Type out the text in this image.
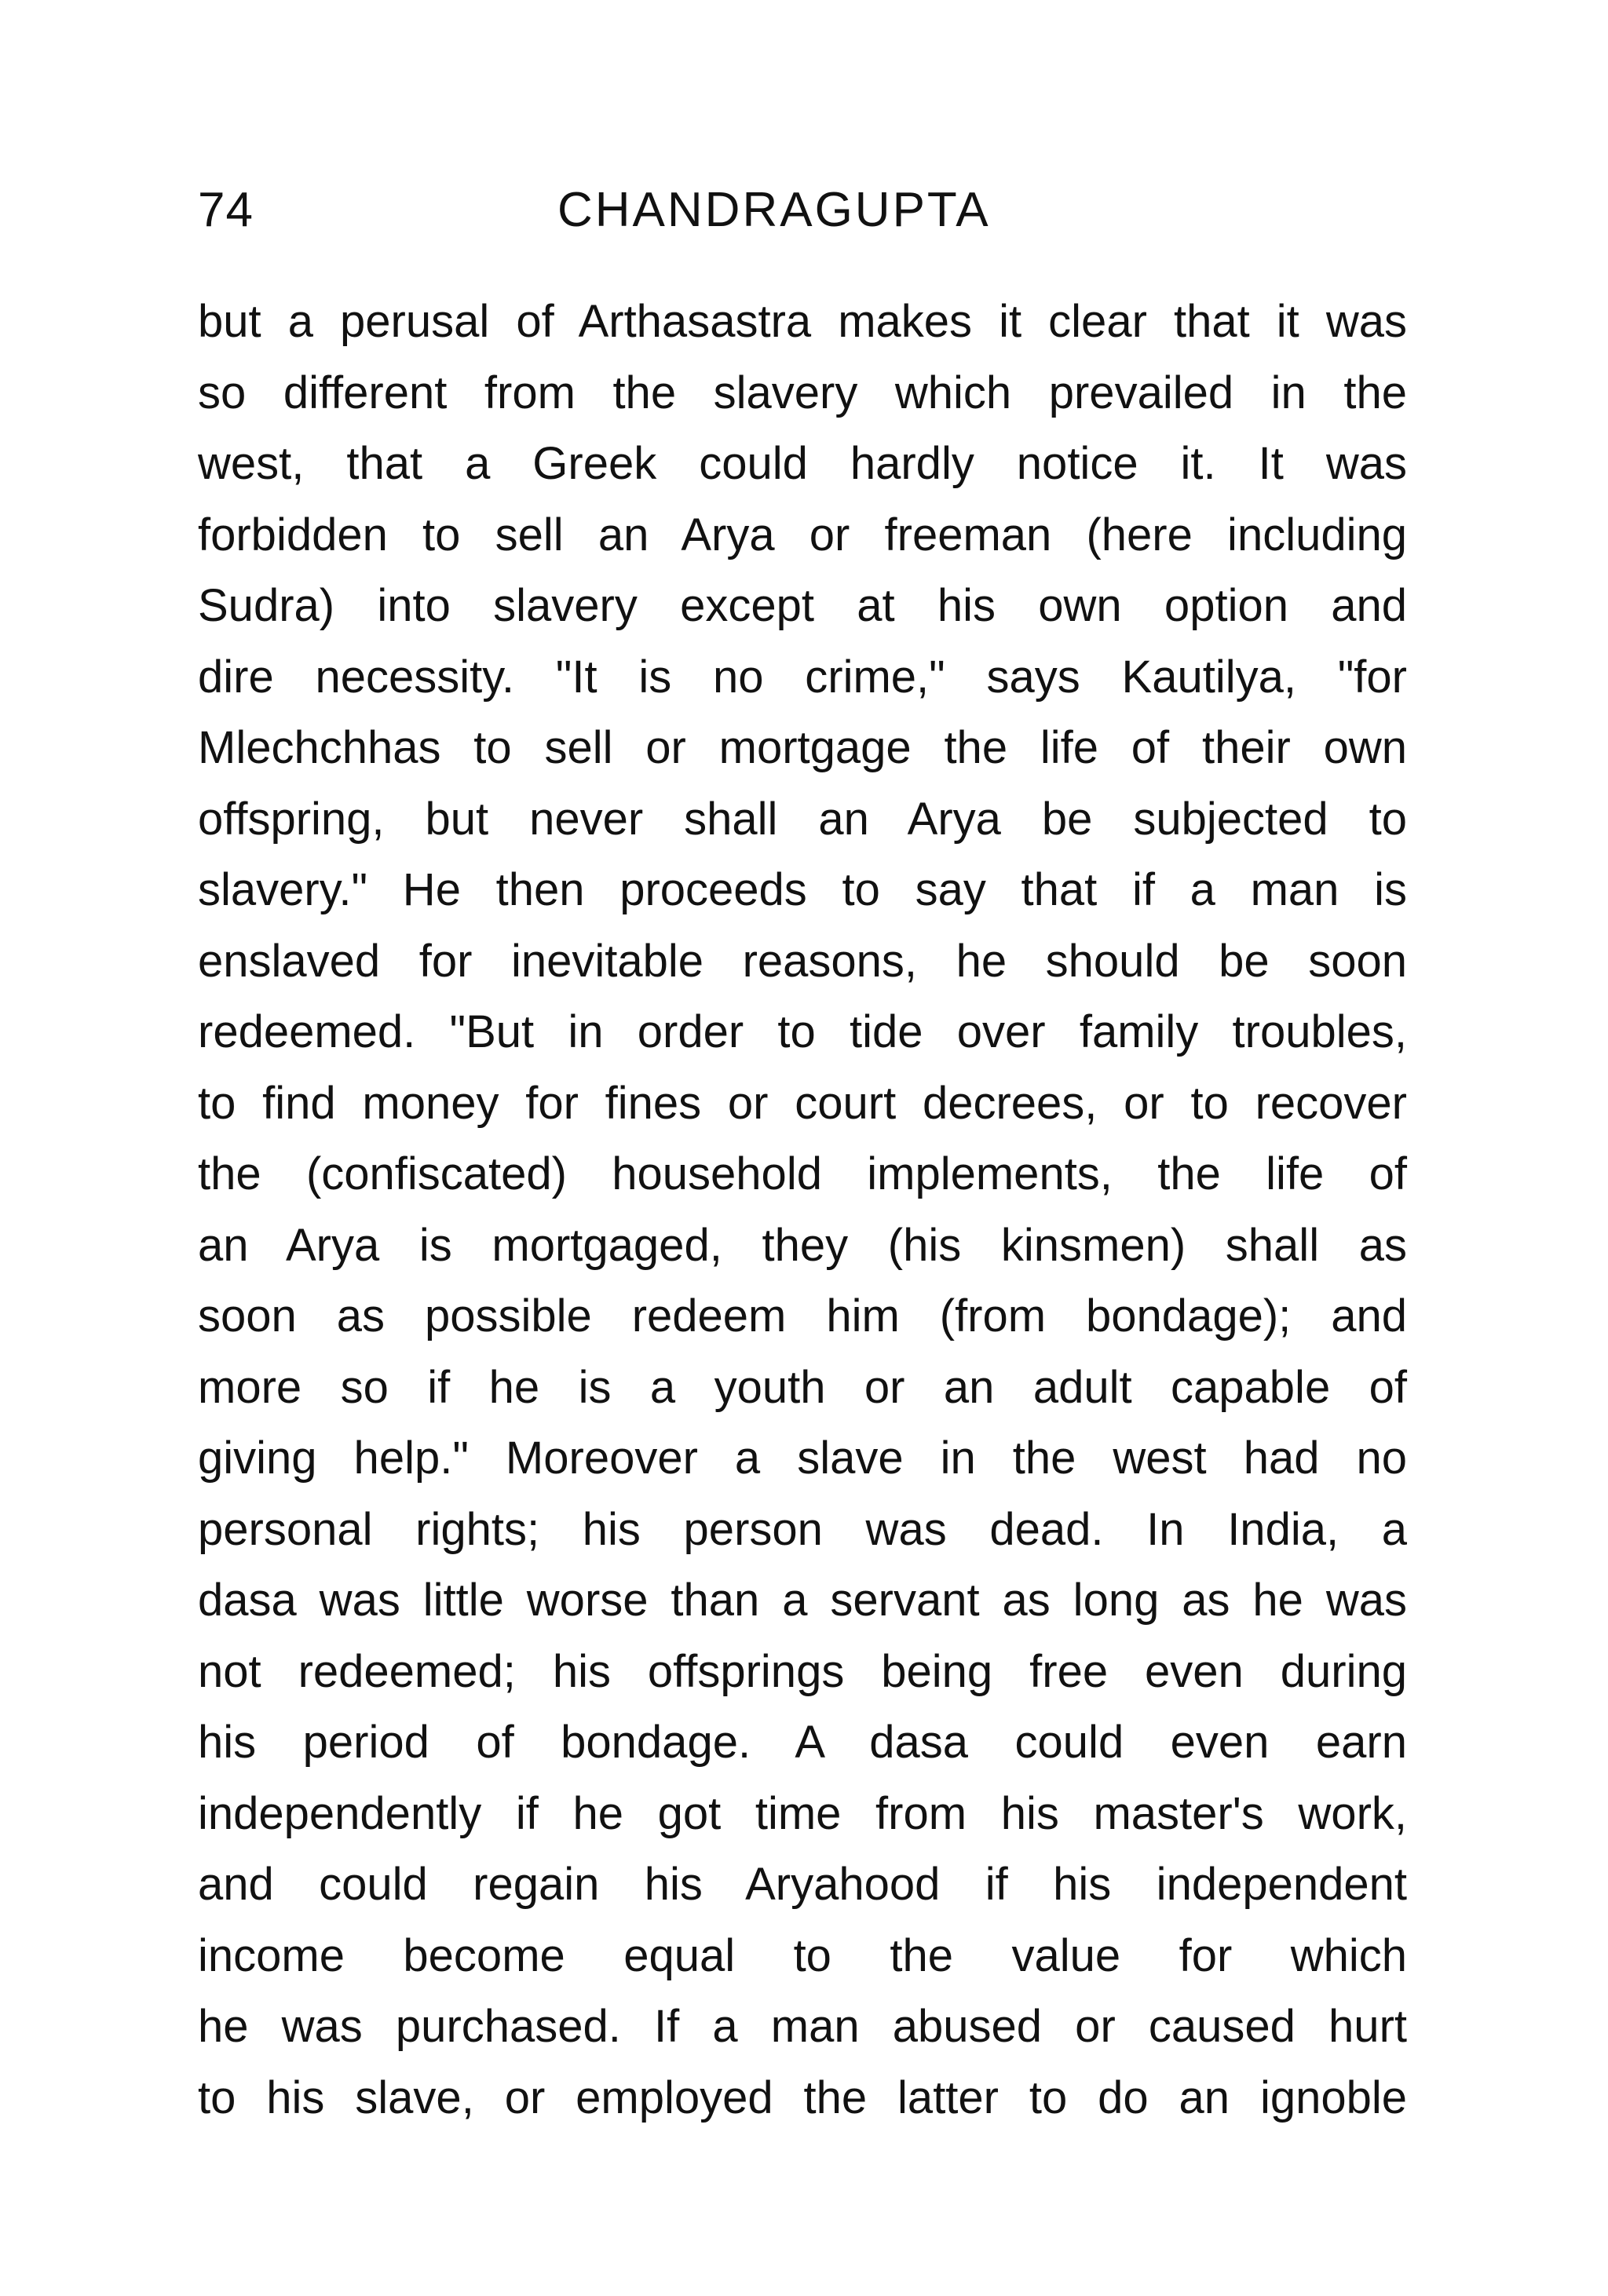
74	CHANDRAGUPTA
but a perusal of Arthasastra makes it clear that it was
so different from the slavery which prevailed in the
west, that a Greek could hardly notice it. It was
forbidden to sell an Arya or freeman (here including
Sudra) into slavery except at his own option and
dire necessity. "It is no crime," says Kautilya, "for
Mlechchhas to sell or mortgage the life of their own
offspring, but never shall an Arya be subjected to
slavery." He then proceeds to say that if a man is
enslaved for inevitable reasons, he should be soon
redeemed. "But in order to tide over family troubles,
to find money for fines or court decrees, or to recover
the (confiscated) household implements, the life of
an Arya is mortgaged, they (his kinsmen) shall as
soon as possible redeem him (from bondage); and
more so if he is a youth or an adult capable of
giving help." Moreover a slave in the west had no
personal rights; his person was dead. In India, a
dasa was little worse than a servant as long as he was
not redeemed; his offsprings being free even during
his period of bondage. A dasa could even earn
independently if he got time from his master's work,
and could regain his Aryahood if his independent
income become equal to the value for which
he was purchased. If a man abused or caused hurt
to his slave, or employed the latter to do an ignoble
